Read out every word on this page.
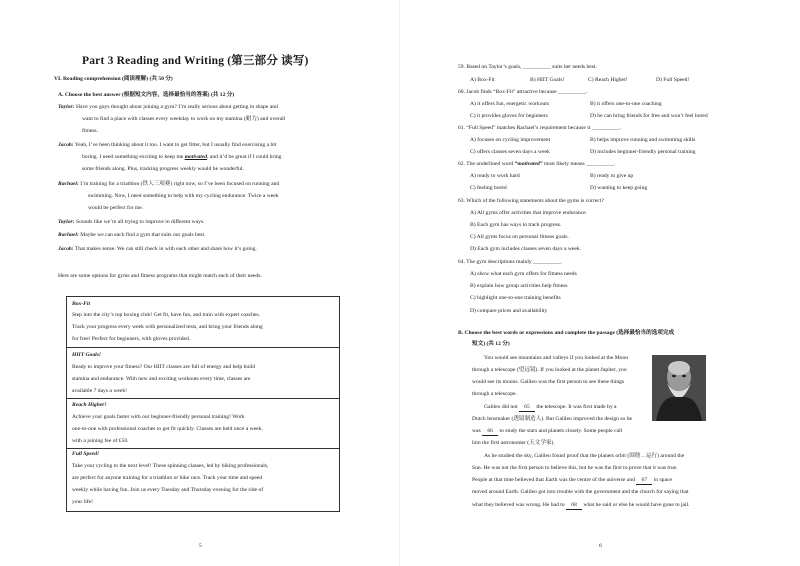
Part 3 Reading and Writing (第三部分 读写)
VI. Reading comprehension (阅读理解) (共 50 分)
A. Choose the best answer (根据短文内容，选择最恰当的答案) (共 12 分)
Taylor: Have you guys thought about joining a gym? I’m really serious about getting in shape and
want to find a place with classes every weekday to work on my stamina (耐力) and overall
fitness.
Jacob: Yeah, I’ve been thinking about it too. I want to get fitter, but I usually find exercising a bit
boring. I need something exciting to keep me motivated, and it’d be great if I could bring
some friends along. Plus, tracking progress weekly would be wonderful.
Rachael: I’m training for a triathlon (铁人三项赛) right now, so I’ve been focused on running and
swimming. Now, I need something to help with my cycling endurance. Twice a week
would be perfect for me.
Taylor: Sounds like we’re all trying to improve in different ways.
Rachael: Maybe we can each find a gym that suits our goals best.
Jacob: That makes sense. We can still check in with each other and share how it’s going.
Here are some options for gyms and fitness programs that might match each of their needs.
Box-Fit
Step into the city’s top boxing club! Get fit, have fun, and train with expert coaches.
Track your progress every week with personalized tests, and bring your friends along
for free! Perfect for beginners, with gloves provided.
HIIT Goals!
Ready to improve your fitness? Our HIIT classes are full of energy and help build
stamina and endurance. With new and exciting workouts every time, classes are
available 7 days a week!
Reach Higher!
Achieve your goals faster with our beginner-friendly personal training! Work
one-to-one with professional coaches to get fit quickly. Classes are held once a week,
with a joining fee of £50.
Full Speed!
Take your cycling to the next level! These spinning classes, led by biking professionals,
are perfect for anyone training for a triathlon or bike race. Track your time and speed
weekly while having fun. Join us every Tuesday and Thursday evening for the ride of
your life!
5
59. Based on Taylor’s goals, __________ suits her needs best.
A) Box-Fit	B) HIIT Goals!	C) Reach Higher!	D) Full Speed!
60. Jacob finds “Box-Fit” attractive because __________.
A) it offers fun, energetic workouts	B) it offers one-to-one coaching
C) it provides gloves for beginners	D) he can bring friends for free and won’t feel bored
61. “Full Speed” matches Rachael’s requirement because it __________.
A) focuses on cycling improvement	B) helps improve running and swimming skills
C) offers classes seven days a week	D) includes beginner-friendly personal training
62. The underlined word “motivated” most likely means __________.
A) ready to work hard	B) ready to give up
C) feeling bored	D) wanting to keep going
63. Which of the following statements about the gyms is correct?
A) All gyms offer activities that improve endurance.
B) Each gym has ways to track progress.
C) All gyms focus on personal fitness goals.
D) Each gym includes classes seven days a week.
64. The gym descriptions mainly __________.
A) show what each gym offers for fitness needs
B) explain how group activities help fitness
C) highlight one-to-one training benefits
D) compare prices and availability
B. Choose the best words or expressions and complete the passage (选择最恰当的选项完成
短文) (共 12 分)
You would see mountains and valleys if you looked at the Moon
through a telescope (望远镜). If you looked at the planet Jupiter, you
would see its moons. Galileo was the first person to see these things
through a telescope.
Galileo did not 65 the telescope. It was first made by a
Dutch lensmaker (透镜制造人). But Galileo improved the design so he
was 66 to study the stars and planets closely. Some people call
him the first astronomer (天文学家).
As he studied the sky, Galileo found proof that the planets orbit (围绕…运行) around the
Sun. He was not the first person to believe this, but he was the first to prove that it was true.
People at that time believed that Earth was the centre of the universe and 67 in space
moved around Earth. Galileo got into trouble with the government and the church for saying that
what they believed was wrong. He had to 68 what he said or else he would have gone to jail.
6
